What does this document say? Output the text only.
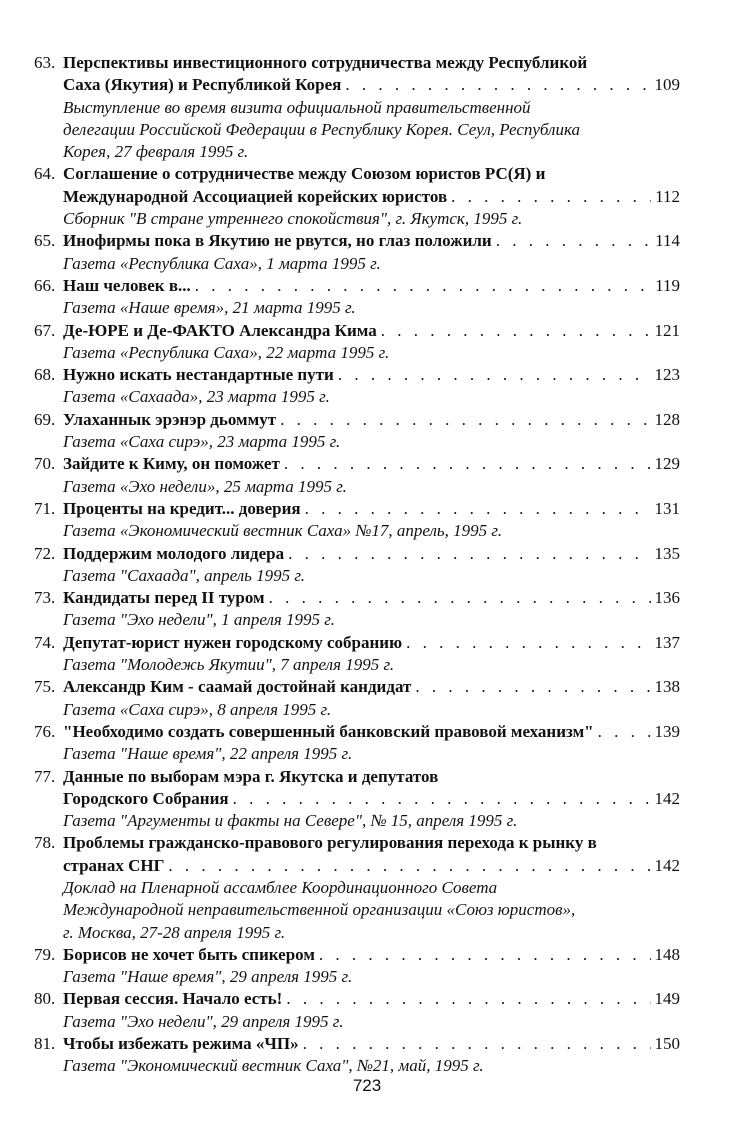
63. Перспективы инвестиционного сотрудничества между Республикой
Саха (Якутия) и Республикой Корея . . .	109
Выступление во время визита официальной правительственной
делегации Российской Федерации в Республику Корея. Сеул, Республика
Корея, 27 февраля 1995 г.
64. Соглашение о сотрудничестве между Союзом юристов РС(Я) и
Международной Ассоциацией корейских юристов . . .	112
Сборник "В стране утреннего спокойствия", г. Якутск, 1995 г.
65. Инофирмы пока в Якутию не рвутся, но глаз положили . . .	114
Газета «Республика Саха», 1 марта 1995 г.
66. Наш человек в... . . .	119
Газета «Наше время», 21 марта 1995 г.
67. Де-ЮРЕ и Де-ФАКТО Александра Кима . . .	121
Газета «Республика Саха», 22 марта 1995 г.
68. Нужно искать нестандартные пути . . .	123
Газета «Сахаада», 23 марта 1995 г.
69. Улаханнык эрэнэр дьоммут . . .	128
Газета «Саха сирэ», 23 марта 1995 г.
70. Зайдите к Киму, он поможет . . .	129
Газета «Эхо недели», 25 марта 1995 г.
71. Проценты на кредит... доверия . . .	131
Газета «Экономический вестник Саха» №17, апрель, 1995 г.
72. Поддержим молодого лидера . . .	135
Газета "Сахаада", апрель 1995 г.
73. Кандидаты перед II туром . . .	136
Газета "Эхо недели", 1 апреля 1995 г.
74. Депутат-юрист нужен городскому собранию . . .	137
Газета "Молодежь Якутии", 7 апреля 1995 г.
75. Александр Ким - саамай достойнай кандидат . . .	138
Газета «Саха сирэ», 8 апреля 1995 г.
76. "Необходимо создать совершенный банковский правовой механизм" . . .	139
Газета "Наше время", 22 апреля 1995 г.
77. Данные по выборам мэра г. Якутска и депутатов
Городского Собрания . . .	142
Газета "Аргументы и факты на Севере", № 15, апреля 1995 г.
78. Проблемы гражданско-правового регулирования перехода к рынку в
странах СНГ . . .	142
Доклад на Пленарной ассамблее Координационного Совета
Международной неправительственной организации «Союз юристов»,
г. Москва, 27-28 апреля 1995 г.
79. Борисов не хочет быть спикером . . .	148
Газета "Наше время", 29 апреля 1995 г.
80. Первая сессия. Начало есть! . . .	149
Газета "Эхо недели", 29 апреля 1995 г.
81. Чтобы избежать режима «ЧП» . . .	150
Газета "Экономический вестник Саха", №21, май, 1995 г.
723
